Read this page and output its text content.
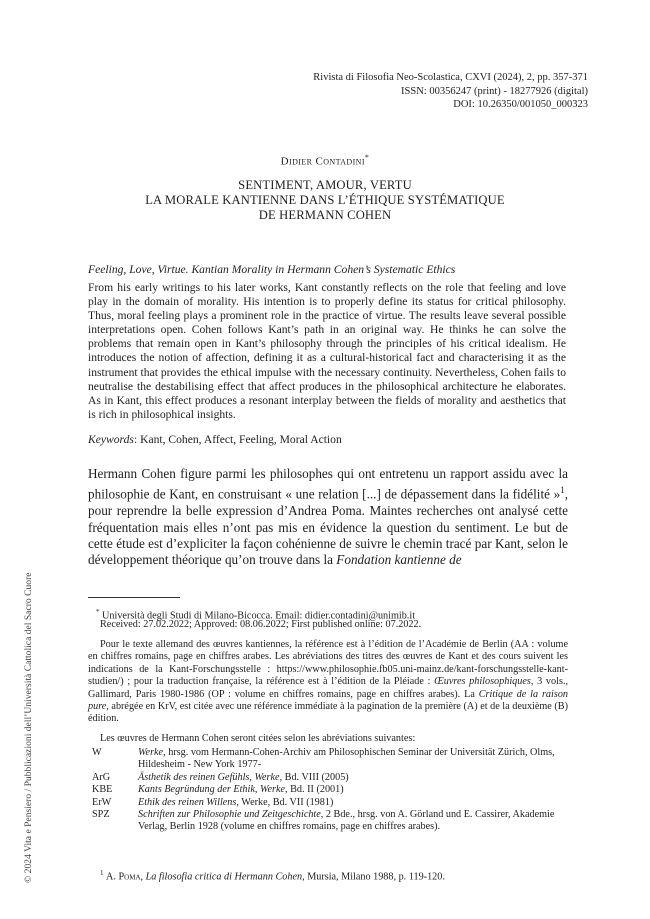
Rivista di Filosofia Neo-Scolastica, CXVI (2024), 2, pp. 357-371
ISSN: 00356247 (print) - 18277926 (digital)
DOI: 10.26350/001050_000323
Didier Contadini*
SENTIMENT, AMOUR, VERTU
LA MORALE KANTIENNE DANS L’ÉTHIQUE SYSTÉMATIQUE
DE HERMANN COHEN
Feeling, Love, Virtue. Kantian Morality in Hermann Cohen’s Systematic Ethics
From his early writings to his later works, Kant constantly reflects on the role that feeling and love play in the domain of morality. His intention is to properly define its status for critical philosophy. Thus, moral feeling plays a prominent role in the practice of virtue. The results leave several possible interpretations open. Cohen follows Kant’s path in an original way. He thinks he can solve the problems that remain open in Kant’s philosophy through the principles of his critical idealism. He introduces the notion of affection, defining it as a cultural-historical fact and characterising it as the instrument that provides the ethical impulse with the necessary continuity. Nevertheless, Cohen fails to neutralise the destabilising effect that affect produces in the philosophical architecture he elaborates. As in Kant, this effect produces a resonant interplay between the fields of morality and aesthetics that is rich in philosophical insights.
Keywords: Kant, Cohen, Affect, Feeling, Moral Action
Hermann Cohen figure parmi les philosophes qui ont entretenu un rapport assidu avec la philosophie de Kant, en construisant « une relation [...] de dépassement dans la fidélité »$^1$, pour reprendre la belle expression d’Andrea Poma. Maintes recherches ont analysé cette fréquentation mais elles n’ont pas mis en évidence la question du sentiment. Le but de cette étude est d’expliciter la façon cohénienne de suivre le chemin tracé par Kant, selon le développement théorique qu’on trouve dans la Fondation kantienne de
* Università degli Studi di Milano-Bicocca. Email: didier.contadini@unimib.it
Received: 27.02.2022; Approved: 08.06.2022; First published online: 07.2022.
Pour le texte allemand des œuvres kantiennes, la référence est à l’édition de l’Académie de Berlin (AA : volume en chiffres romains, page en chiffres arabes. Les abréviations des titres des œuvres de Kant et des cours suivent les indications de la Kant-Forschungsstelle : https://www.philosophie.fb05.uni-mainz.de/kant-forschungsstelle-kant-studien/) ; pour la traduction française, la référence est à l’édition de la Pléiade : Œuvres philosophiques, 3 vols., Gallimard, Paris 1980-1986 (OP : volume en chiffres romains, page en chiffres arabes). La Critique de la raison pure, abrégée en KrV, est citée avec une référence immédiate à la pagination de la première (A) et de la deuxième (B) édition.
Les œuvres de Hermann Cohen seront citées selon les abréviations suivantes:
W	Werke, hrsg. vom Hermann-Cohen-Archiv am Philosophischen Seminar der Universität Zürich, Olms, Hildesheim - New York 1977-
ArG	Ästhetik des reinen Gefühls, Werke, Bd. VIII (2005)
KBE	Kants Begründung der Ethik, Werke, Bd. II (2001)
ErW	Ethik des reinen Willens, Werke, Bd. VII (1981)
SPZ	Schriften zur Philosophie und Zeitgeschichte, 2 Bde., hrsg. von A. Görland und E. Cassirer, Akademie Verlag, Berlin 1928 (volume en chiffres romains, page en chiffres arabes).
$^1$ A. Poma, La filosofia critica di Hermann Cohen, Mursia, Milano 1988, p. 119-120.
© 2024 Vita e Pensiero / Pubblicazioni dell’Università Cattolica del Sacro Cuore
